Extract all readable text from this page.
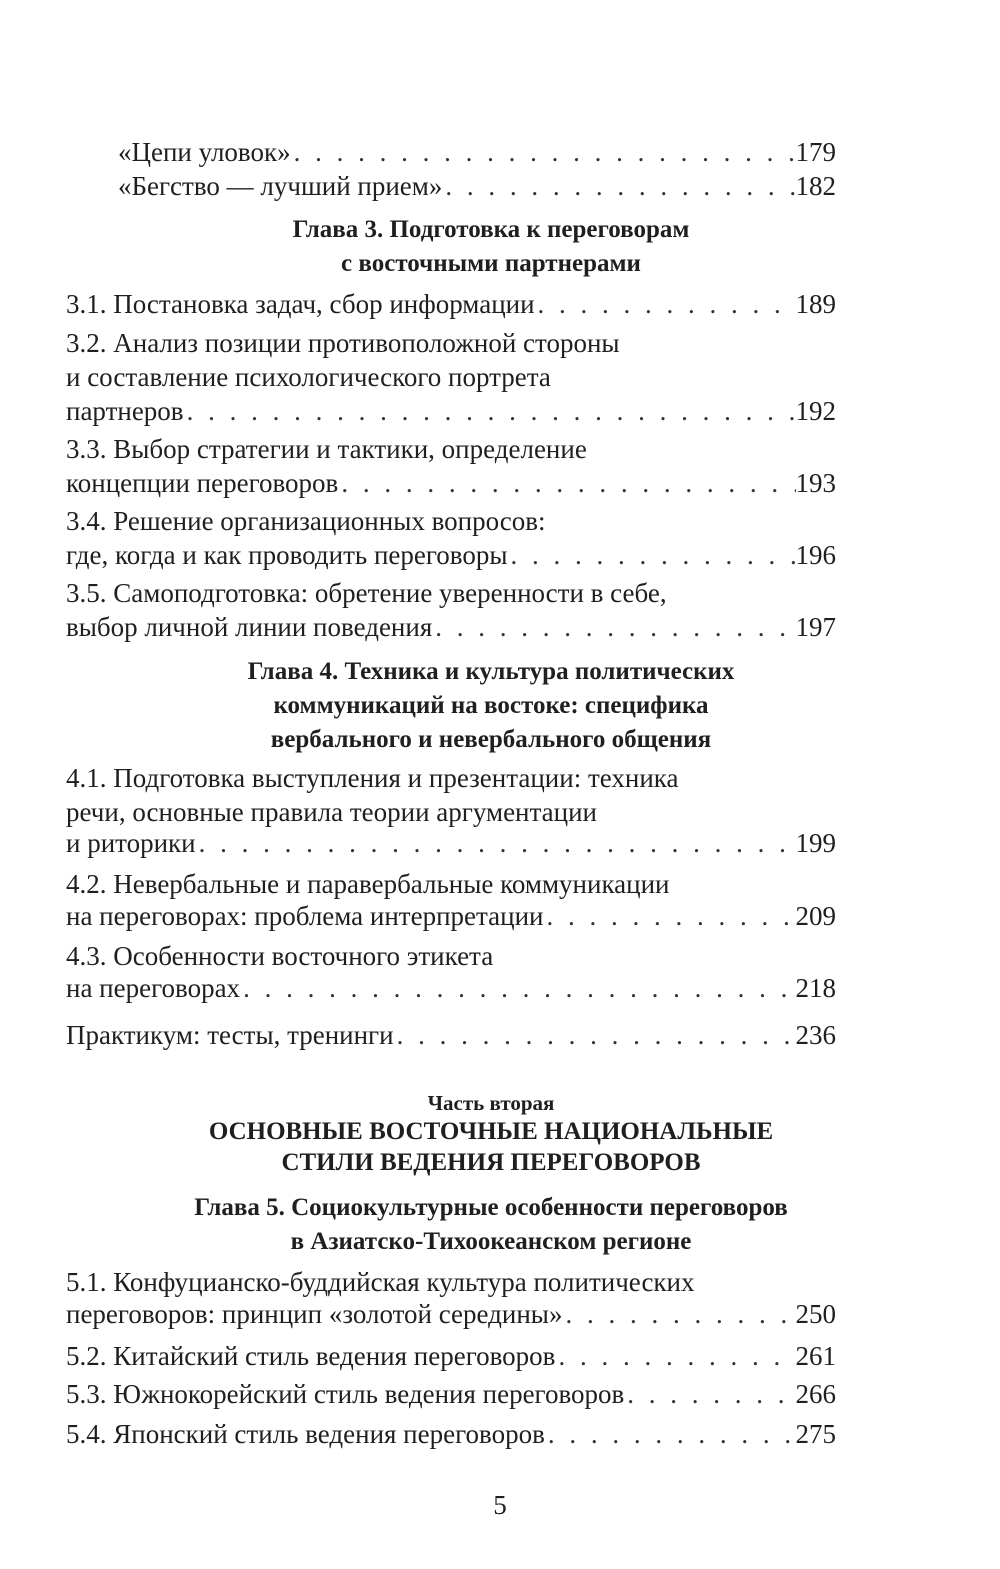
«Цепи уловок» . . .	179
«Бегство — лучший прием» . . .	182
Глава 3. Подготовка к переговорам
с восточными партнерами
3.1. Постановка задач, сбор информации . . .	189
3.2. Анализ позиции противоположной стороны
и составление психологического портрета
партнеров . . .	192
3.3. Выбор стратегии и тактики, определение
концепции переговоров . . .	193
3.4. Решение организационных вопросов:
где, когда и как проводить переговоры . . .	196
3.5. Самоподготовка: обретение уверенности в себе,
выбор личной линии поведения . . .	197
Глава 4. Техника и культура политических
коммуникаций на востоке: специфика
вербального и невербального общения
4.1. Подготовка выступления и презентации: техника
речи, основные правила теории аргументации
и риторики . . .	199
4.2. Невербальные и паравербальные коммуникации
на переговорах: проблема интерпретации . . .	209
4.3. Особенности восточного этикета
на переговорах . . .	218
Практикум: тесты, тренинги . . .	236
Часть вторая
ОСНОВНЫЕ ВОСТОЧНЫЕ НАЦИОНАЛЬНЫЕ
СТИЛИ ВЕДЕНИЯ ПЕРЕГОВОРОВ
Глава 5. Социокультурные особенности переговоров
в Азиатско-Тихоокеанском регионе
5.1. Конфуцианско-буддийская культура политических
переговоров: принцип «золотой середины» . . .	250
5.2. Китайский стиль ведения переговоров . . .	261
5.3. Южнокорейский стиль ведения переговоров . . .	266
5.4. Японский стиль ведения переговоров . . .	275
5
